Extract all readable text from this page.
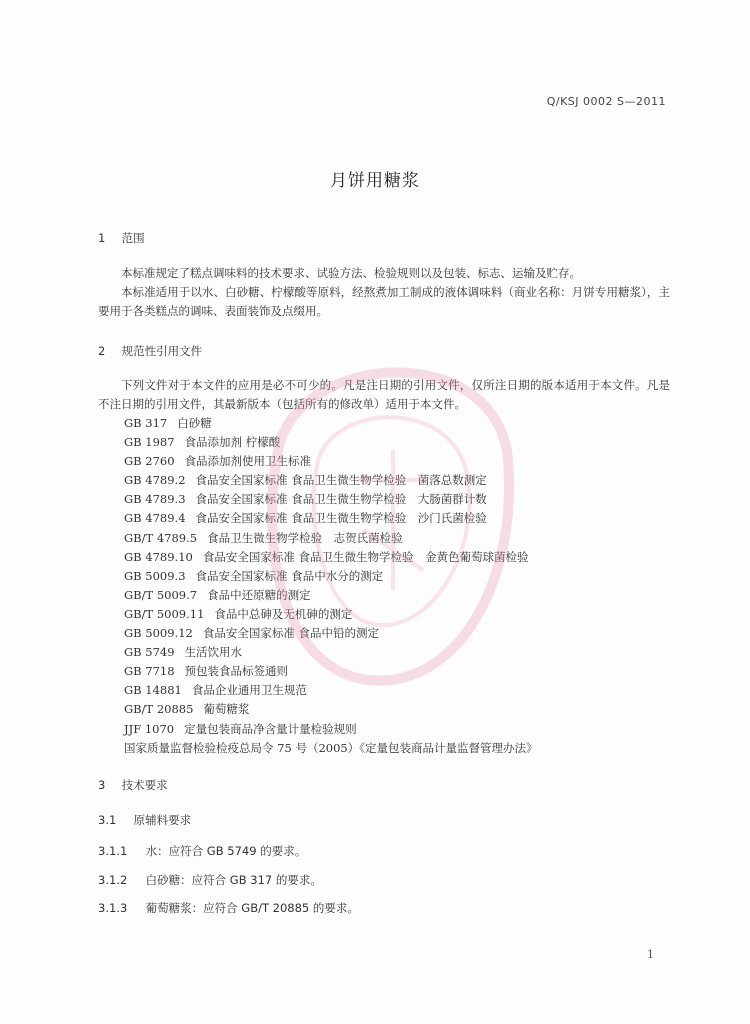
Q/KSJ 0002 S—2011
月饼用糖浆
1 范围
本标准规定了糕点调味料的技术要求、试验方法、检验规则以及包装、标志、运输及贮存。
本标准适用于以水、白砂糖、柠檬酸等原料，经熬煮加工制成的液体调味料（商业名称：月饼专用糖浆），主要用于各类糕点的调味、表面装饰及点缀用。
2 规范性引用文件
下列文件对于本文件的应用是必不可少的。凡是注日期的引用文件，仅所注日期的版本适用于本文件。凡是不注日期的引用文件，其最新版本（包括所有的修改单）适用于本文件。
GB 317 白砂糖
GB 1987 食品添加剂 柠檬酸
GB 2760 食品添加剂使用卫生标准
GB 4789.2 食品安全国家标准 食品卫生微生物学检验　菌落总数测定
GB 4789.3 食品安全国家标准 食品卫生微生物学检验　大肠菌群计数
GB 4789.4 食品安全国家标准 食品卫生微生物学检验　沙门氏菌检验
GB/T 4789.5 食品卫生微生物学检验　志贺氏菌检验
GB 4789.10 食品安全国家标准 食品卫生微生物学检验　金黄色葡萄球菌检验
GB 5009.3 食品安全国家标准 食品中水分的测定
GB/T 5009.7 食品中还原糖的测定
GB/T 5009.11 食品中总砷及无机砷的测定
GB 5009.12 食品安全国家标准 食品中铅的测定
GB 5749 生活饮用水
GB 7718 预包装食品标签通则
GB 14881 食品企业通用卫生规范
GB/T 20885 葡萄糖浆
JJF 1070 定量包装商品净含量计量检验规则
国家质量监督检验检疫总局令 75 号（2005）《定量包装商品计量监督管理办法》
3 技术要求
3.1 原辅料要求
3.1.1 水：应符合 GB 5749 的要求。
3.1.2 白砂糖：应符合 GB 317 的要求。
3.1.3 葡萄糖浆：应符合 GB/T 20885 的要求。
1
